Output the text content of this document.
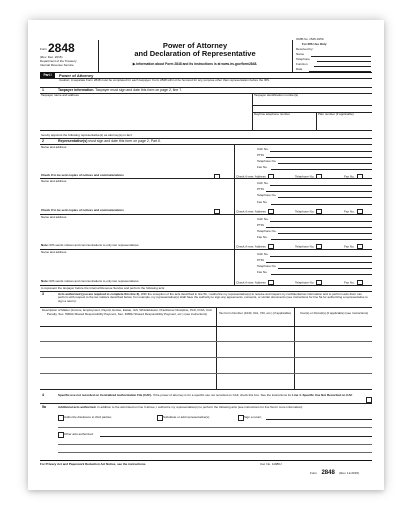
Form 2848
(Rev. Dec. 2015)
Department of the Treasury
Internal Revenue Service
Power of Attorney
and Declaration of Representative
▶ Information about Form 2848 and its instructions is at www.irs.gov/form2848.
OMB No. 1545-0150
For IRS Use Only
Received by:
Name
Telephone
Function
Date
Part I	Power of Attorney
Caution: A separate Form 2848 must be completed for each taxpayer. Form 2848 will not be honored for any purpose other than representation before the IRS.
1	Taxpayer information. Taxpayer must sign and date this form on page 2, line 7.
Taxpayer name and address	Taxpayer identification number(s)
Daytime telephone number	Plan number (if applicable)
hereby appoints the following representative(s) as attorney(s)-in-fact:
2	Representative(s) must sign and date this form on page 2, Part II.
Name and address	CAF No.
PTIN
Telephone No.
Fax No.
Check if to be sent copies of notices and communications	Check if new: Address	Telephone No.	Fax No.
Name and address	CAF No.
PTIN
Telephone No.
Fax No.
Check if to be sent copies of notices and communications	Check if new: Address	Telephone No.	Fax No.
Name and address	CAF No.
PTIN
Telephone No.
Fax No.
Note: IRS sends notices and communications to only two representatives.	Check if new: Address	Telephone No.	Fax No.
Name and address	CAF No.
PTIN
Telephone No.
Fax No.
Note: IRS sends notices and communications to only two representatives.	Check if new: Address	Telephone No.	Fax No.
to represent the taxpayer before the Internal Revenue Service and perform the following acts:
3	Acts authorized (you are required to complete this line 3). With the exception of the acts described in line 5b, I authorize my representative(s) to receive and inspect my confidential tax information and to perform acts that I can perform with respect to the tax matters described below. For example, my representative(s) shall have the authority to sign any agreements, consents, or similar documents (see instructions for line 5a for authorizing a representative to sign a return).
Description of Matter (Income, Employment, Payroll, Excise, Estate, Gift, Whistleblower, Practitioner Discipline, PLR, FOIA, Civil Penalty, Sec. 5000A Shared Responsibility Payment, Sec. 4980H Shared Responsibility Payment, etc.) (see instructions)	Tax Form Number (1040, 941, 720, etc.) (if applicable)	Year(s) or Period(s) (if applicable) (see instructions)
4	Specific use not recorded on Centralized Authorization File (CAF). If the power of attorney is for a specific use not recorded on CAF, check this box. See the instructions for Line 4. Specific Use Not Recorded on CAF
5a	Additional acts authorized. In addition to the acts listed on line 3 above, I authorize my representative(s) to perform the following acts (see instructions for line 5a for more information):
Authorize disclosure to third parties;	Substitute or add representative(s);	Sign a return;
Other acts authorized:
For Privacy Act and Paperwork Reduction Act Notice, see the instructions.	Cat. No. 11980J
Form 2848 (Rev. 12-2015)
